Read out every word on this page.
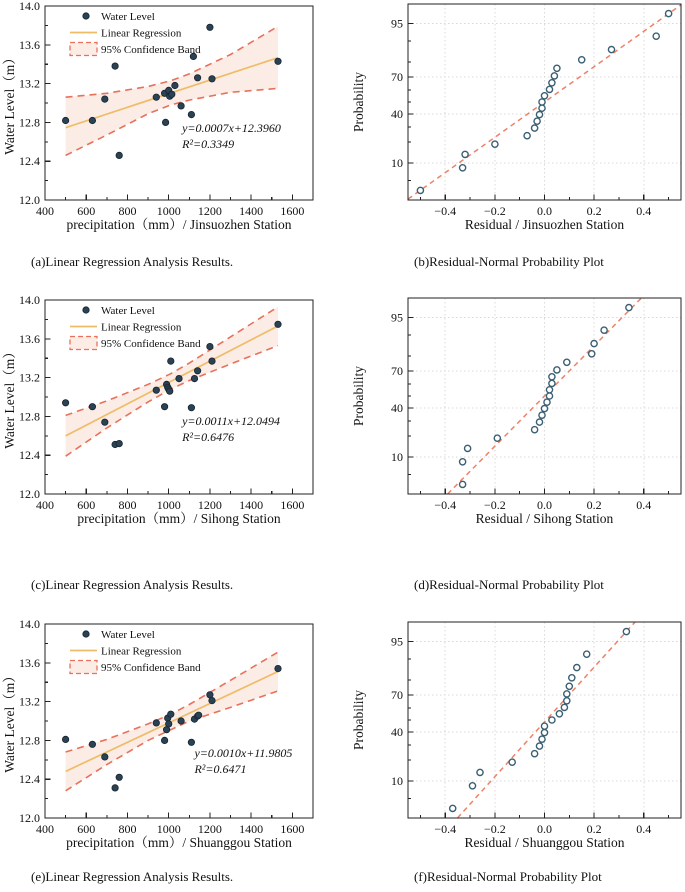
400 600 800 1000 1200 1400 1600
12.0
12.4
12.8
13.2
13.6
14.0
precipitation（mm）/ Jinsuozhen Station
Water Level（m）
Water Level
Linear Regression
95% Confidence Band
y=0.0007x+12.3960
R²=0.3349
−0.4 −0.2	0.0	0.2	0.4
10
40
70
95
Residual / Jinsuozhen Station
Probability
400 600 800 1000 1200 1400 1600
12.0
12.4
12.8
13.2
13.6
14.0
precipitation（mm）/ Sihong Station
Water Level（m）
Water Level
Linear Regression
95% Confidence Band
y=0.0011x+12.0494
R²=0.6476
−0.4 −0.2	0.0	0.2	0.4
10
40
70
95
Residual / Sihong Station
Probability
400 600 800 1000 1200 1400 1600
12.0
12.4
12.8
13.2
13.6
14.0
precipitation（mm）/ Shuanggou Station
Water Level（m）
Water Level
Linear Regression
95% Confidence Band
y=0.0010x+11.9805
R²=0.6471
−0.4 −0.2	0.0	0.2	0.4
10
40
70
95
Residual / Shuanggou Station
Probability
(a)Linear Regression Analysis Results.	(b)Residual-Normal Probability Plot
(c)Linear Regression Analysis Results.	(d)Residual-Normal Probability Plot
(e)Linear Regression Analysis Results.	(f)Residual-Normal Probability Plot
